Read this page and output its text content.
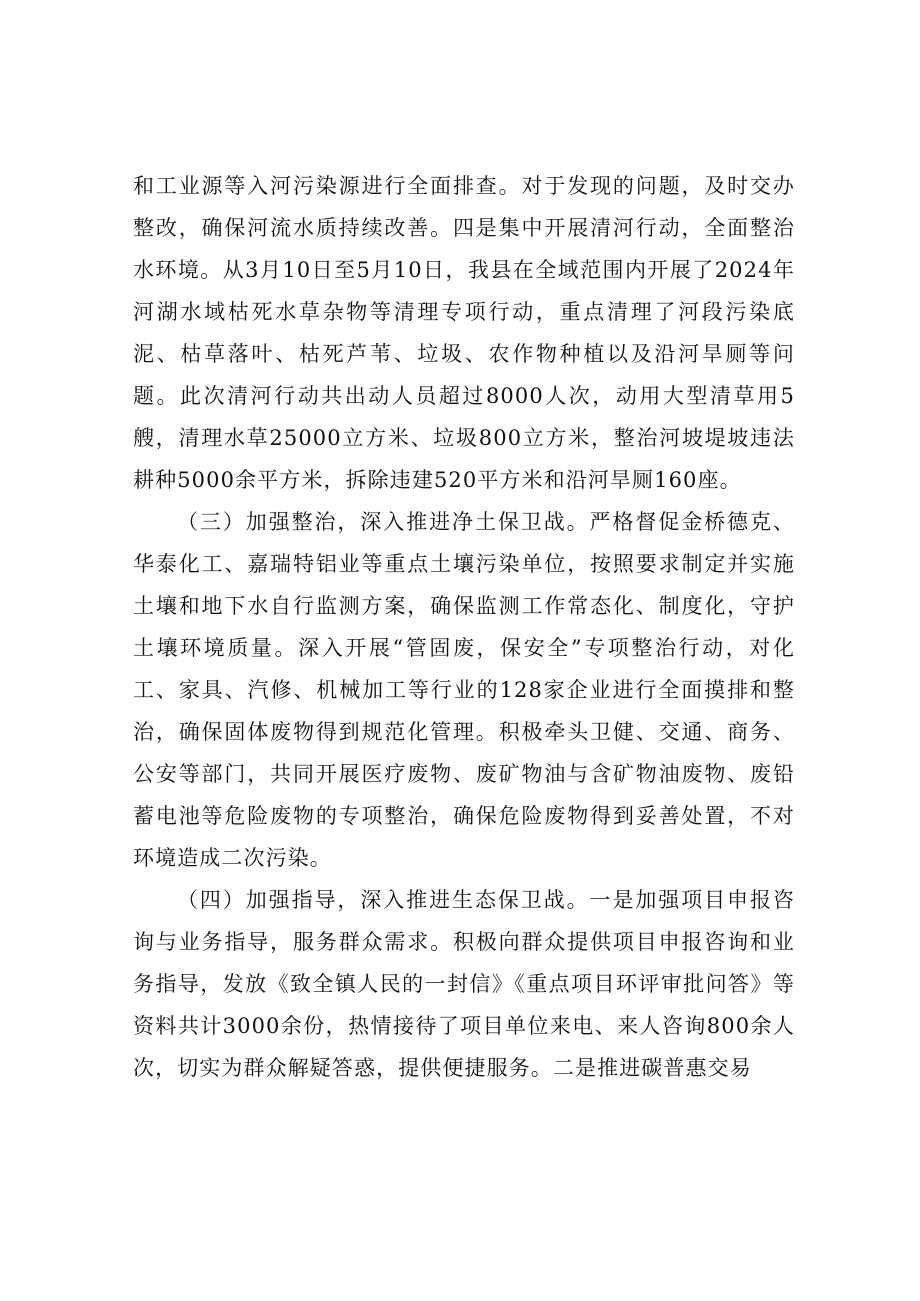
和工业源等入河污染源进行全面排查。对于发现的问题，及时交办整改，确保河流水质持续改善。四是集中开展清河行动，全面整治水环境。从3月10日至5月10日，我县在全域范围内开展了2024年河湖水域枯死水草杂物等清理专项行动，重点清理了河段污染底泥、枯草落叶、枯死芦苇、垃圾、农作物种植以及沿河旱厕等问题。此次清河行动共出动人员超过8000人次，动用大型清草用5艘，清理水草25000立方米、垃圾800立方米，整治河坡堤坡违法耕种5000余平方米，拆除违建520平方米和沿河旱厕160座。

（三）加强整治，深入推进净土保卫战。严格督促金桥德克、华泰化工、嘉瑞特铝业等重点土壤污染单位，按照要求制定并实施土壤和地下水自行监测方案，确保监测工作常态化、制度化，守护土壤环境质量。深入开展“管固废，保安全”专项整治行动，对化工、家具、汽修、机械加工等行业的128家企业进行全面摸排和整治，确保固体废物得到规范化管理。积极牵头卫健、交通、商务、公安等部门，共同开展医疗废物、废矿物油与含矿物油废物、废铅蓄电池等危险废物的专项整治，确保危险废物得到妥善处置，不对环境造成二次污染。

（四）加强指导，深入推进生态保卫战。一是加强项目申报咨询与业务指导，服务群众需求。积极向群众提供项目申报咨询和业务指导，发放《致全镇人民的一封信》《重点项目环评审批问答》等资料共计3000余份，热情接待了项目单位来电、来人咨询800余人次，切实为群众解疑答惑，提供便捷服务。二是推进碳普惠交易
